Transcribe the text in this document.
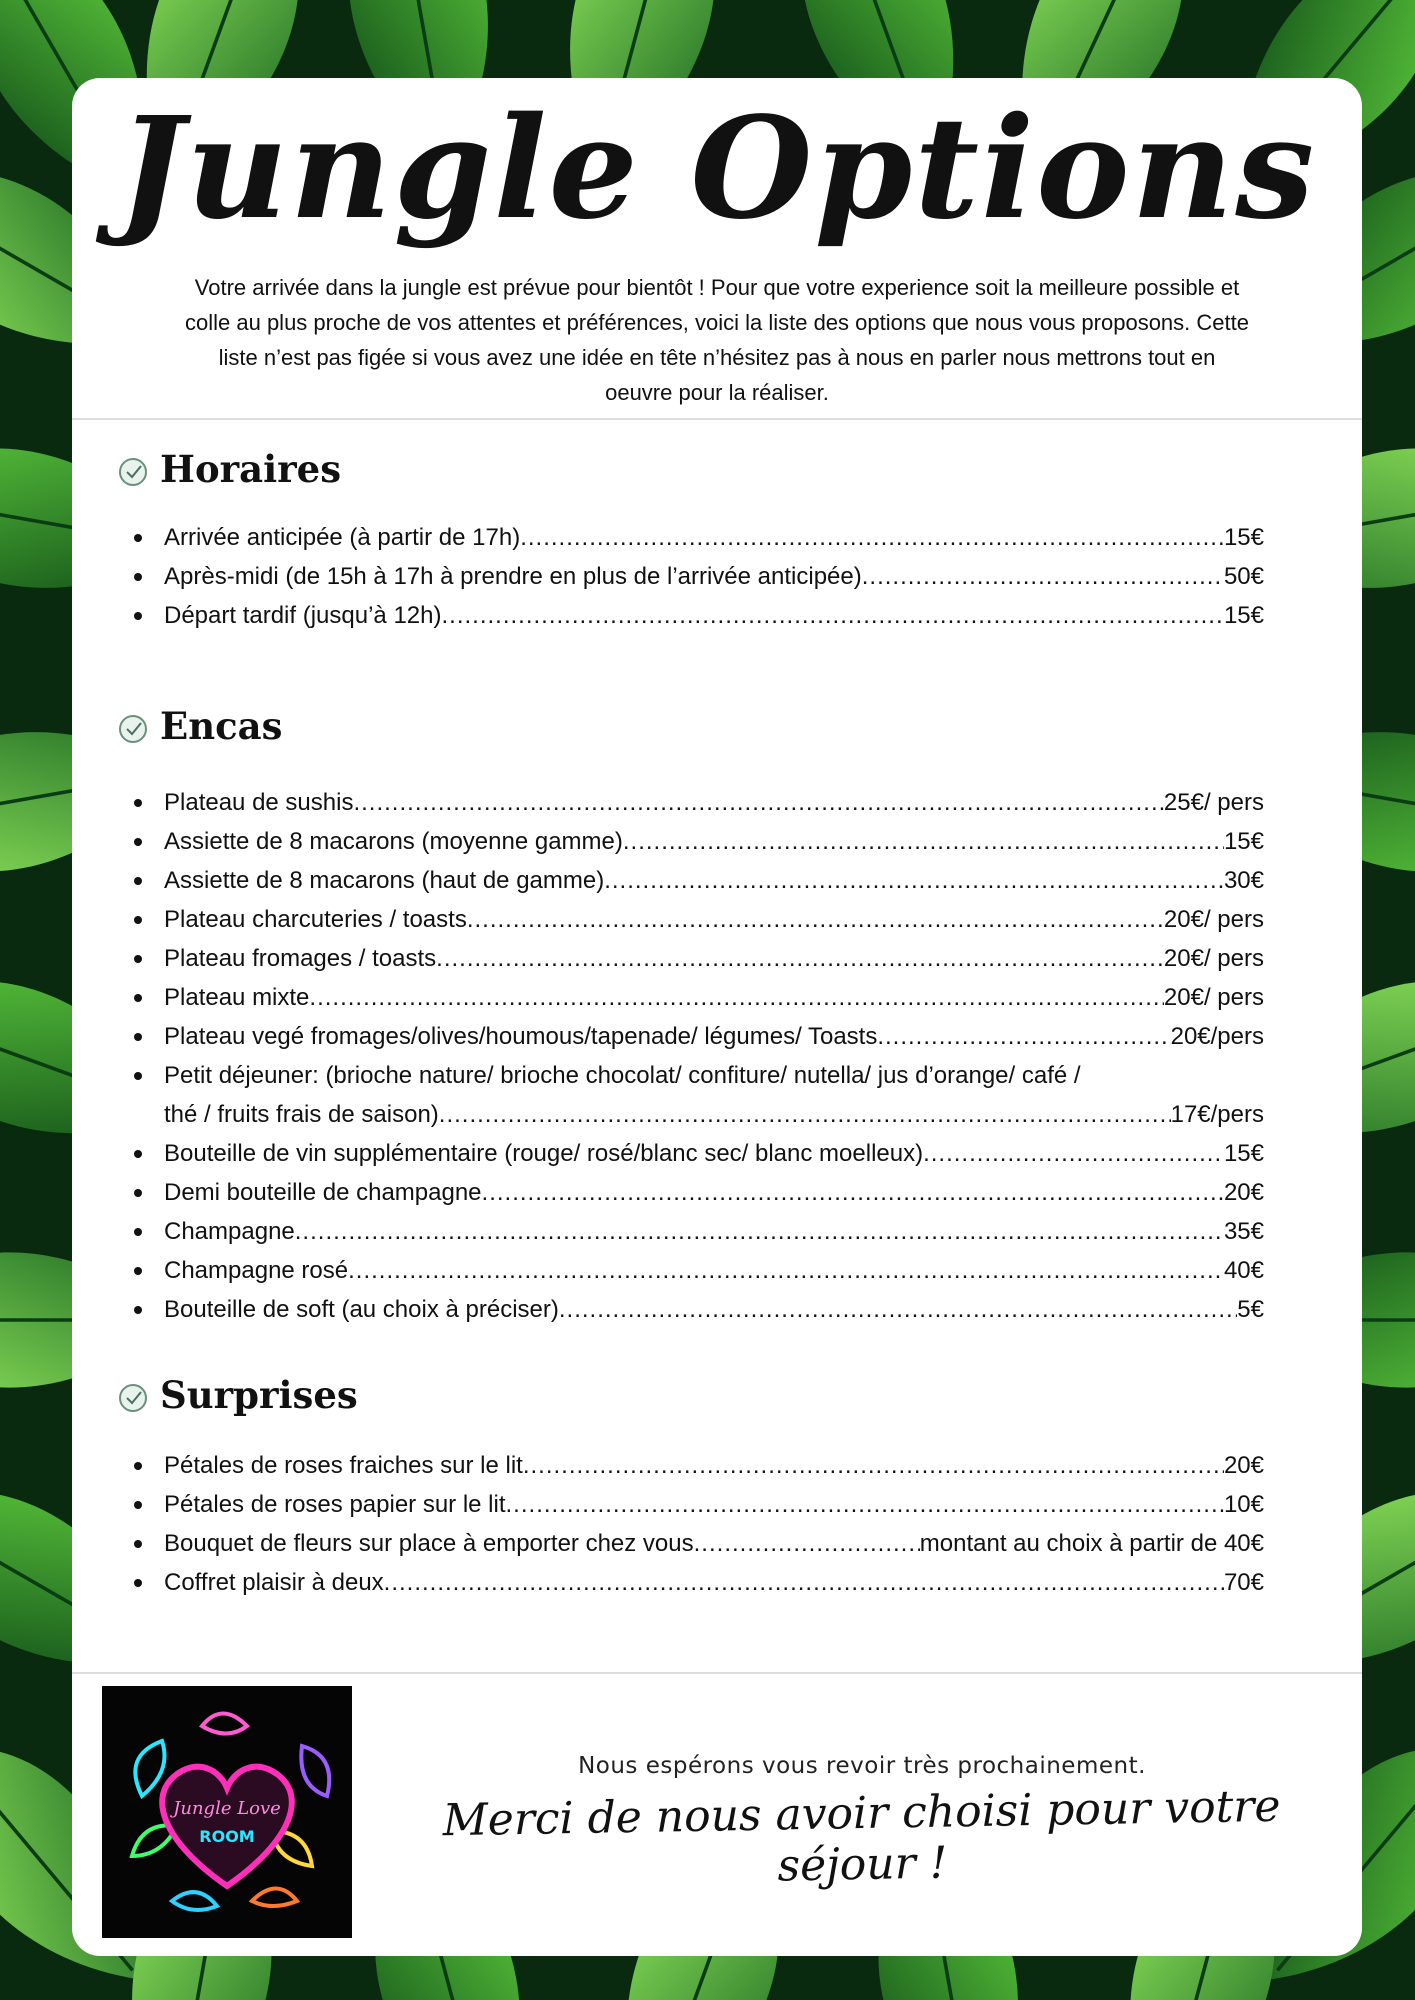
Jungle Options
Votre arrivée dans la jungle est prévue pour bientôt ! Pour que votre experience soit la meilleure possible et colle au plus proche de vos attentes et préférences, voici la liste des options que nous vous proposons. Cette liste n’est pas figée si vous avez une idée en tête n’hésitez pas à nous en parler nous mettrons tout en oeuvre pour la réaliser.
Horaires
Arrivée anticipée (à partir de 17h) .....	15€
Après-midi (de 15h à 17h à prendre en plus de l’arrivée anticipée) .....	50€
Départ tardif (jusqu’à 12h) .....	15€
Encas
Plateau de sushis .....	25€/ pers
Assiette de 8 macarons (moyenne gamme) .....	15€
Assiette de 8 macarons (haut de gamme) .....	30€
Plateau charcuteries / toasts .....	20€/ pers
Plateau fromages / toasts .....	20€/ pers
Plateau mixte .....	20€/ pers
Plateau vegé fromages/olives/houmous/tapenade/ légumes/ Toasts .....	20€/pers
Petit déjeuner: (brioche nature/ brioche chocolat/ confiture/ nutella/ jus d’orange/ café /
thé / fruits frais de saison) .....	17€/pers
Bouteille de vin supplémentaire (rouge/ rosé/blanc sec/ blanc moelleux) .....	15€
Demi bouteille de champagne .....	20€
Champagne .....	35€
Champagne rosé .....	40€
Bouteille de soft (au choix à préciser) .....	5€
Surprises
Pétales de roses fraiches sur le lit .....	20€
Pétales de roses papier sur le lit .....	10€
Bouquet de fleurs sur place à emporter chez vous .....	montant au choix à partir de 40€
Coffret plaisir à deux .....	70€
Jungle Love
ROOM
Nous espérons vous revoir très prochainement.
Merci de nous avoir choisi pour votre séjour !
